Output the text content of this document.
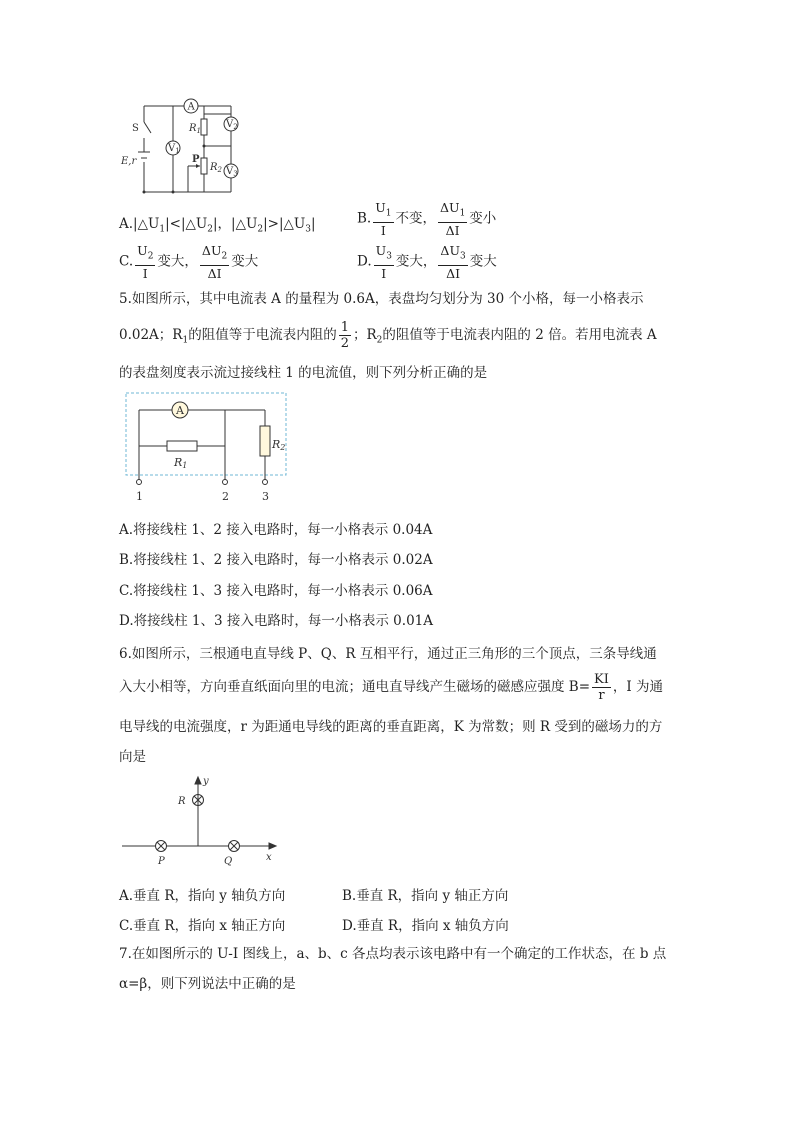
A
$V_1$
$V_2$
$V_3$
$R_1$
$R_2$
S
E,r	P
$A.|\triangle U_1|<|\triangle U_2|$，$|\triangle U_2|>|\triangle U_3|$	B. $\frac{U_1}{I}$ 不变， $\frac{\Delta U_1}{\Delta I}$ 变小
C. $\frac{U_2}{I}$ 变大， $\frac{\Delta U_2}{\Delta I}$ 变大	D. $\frac{U_3}{I}$ 变大， $\frac{\Delta U_3}{\Delta I}$ 变大
5.如图所示，其中电流表 A 的量程为 0.6A，表盘均匀划分为 30 个小格，每一小格表示
0.02A；$R_1$的阻值等于电流表内阻的 $\frac{1}{2}$ ；$R_2$的阻值等于电流表内阻的 2 倍。若用电流表 A
的表盘刻度表示流过接线柱 1 的电流值，则下列分析正确的是
A
R1
R2
1	2	3
A.将接线柱 1、2 接入电路时，每一小格表示 0.04A
B.将接线柱 1、2 接入电路时，每一小格表示 0.02A
C.将接线柱 1、3 接入电路时，每一小格表示 0.06A
D.将接线柱 1、3 接入电路时，每一小格表示 0.01A
6.如图所示，三根通电直导线 P、Q、R 互相平行，通过正三角形的三个顶点，三条导线通
入大小相等，方向垂直纸面向里的电流；通电直导线产生磁场的磁感应强度 $B= \frac{KI}{r}$ ，I 为通
电导线的电流强度，r 为距通电导线的距离的垂直距离，K 为常数；则 R 受到的磁场力的方
向是
y
x
R
P	Q
A.垂直 R，指向 y 轴负方向	B.垂直 R，指向 y 轴正方向
C.垂直 R，指向 x 轴正方向	D.垂直 R，指向 x 轴负方向
7.在如图所示的 U-I 图线上，a、b、c 各点均表示该电路中有一个确定的工作状态，在 b 点
α=β，则下列说法中正确的是
